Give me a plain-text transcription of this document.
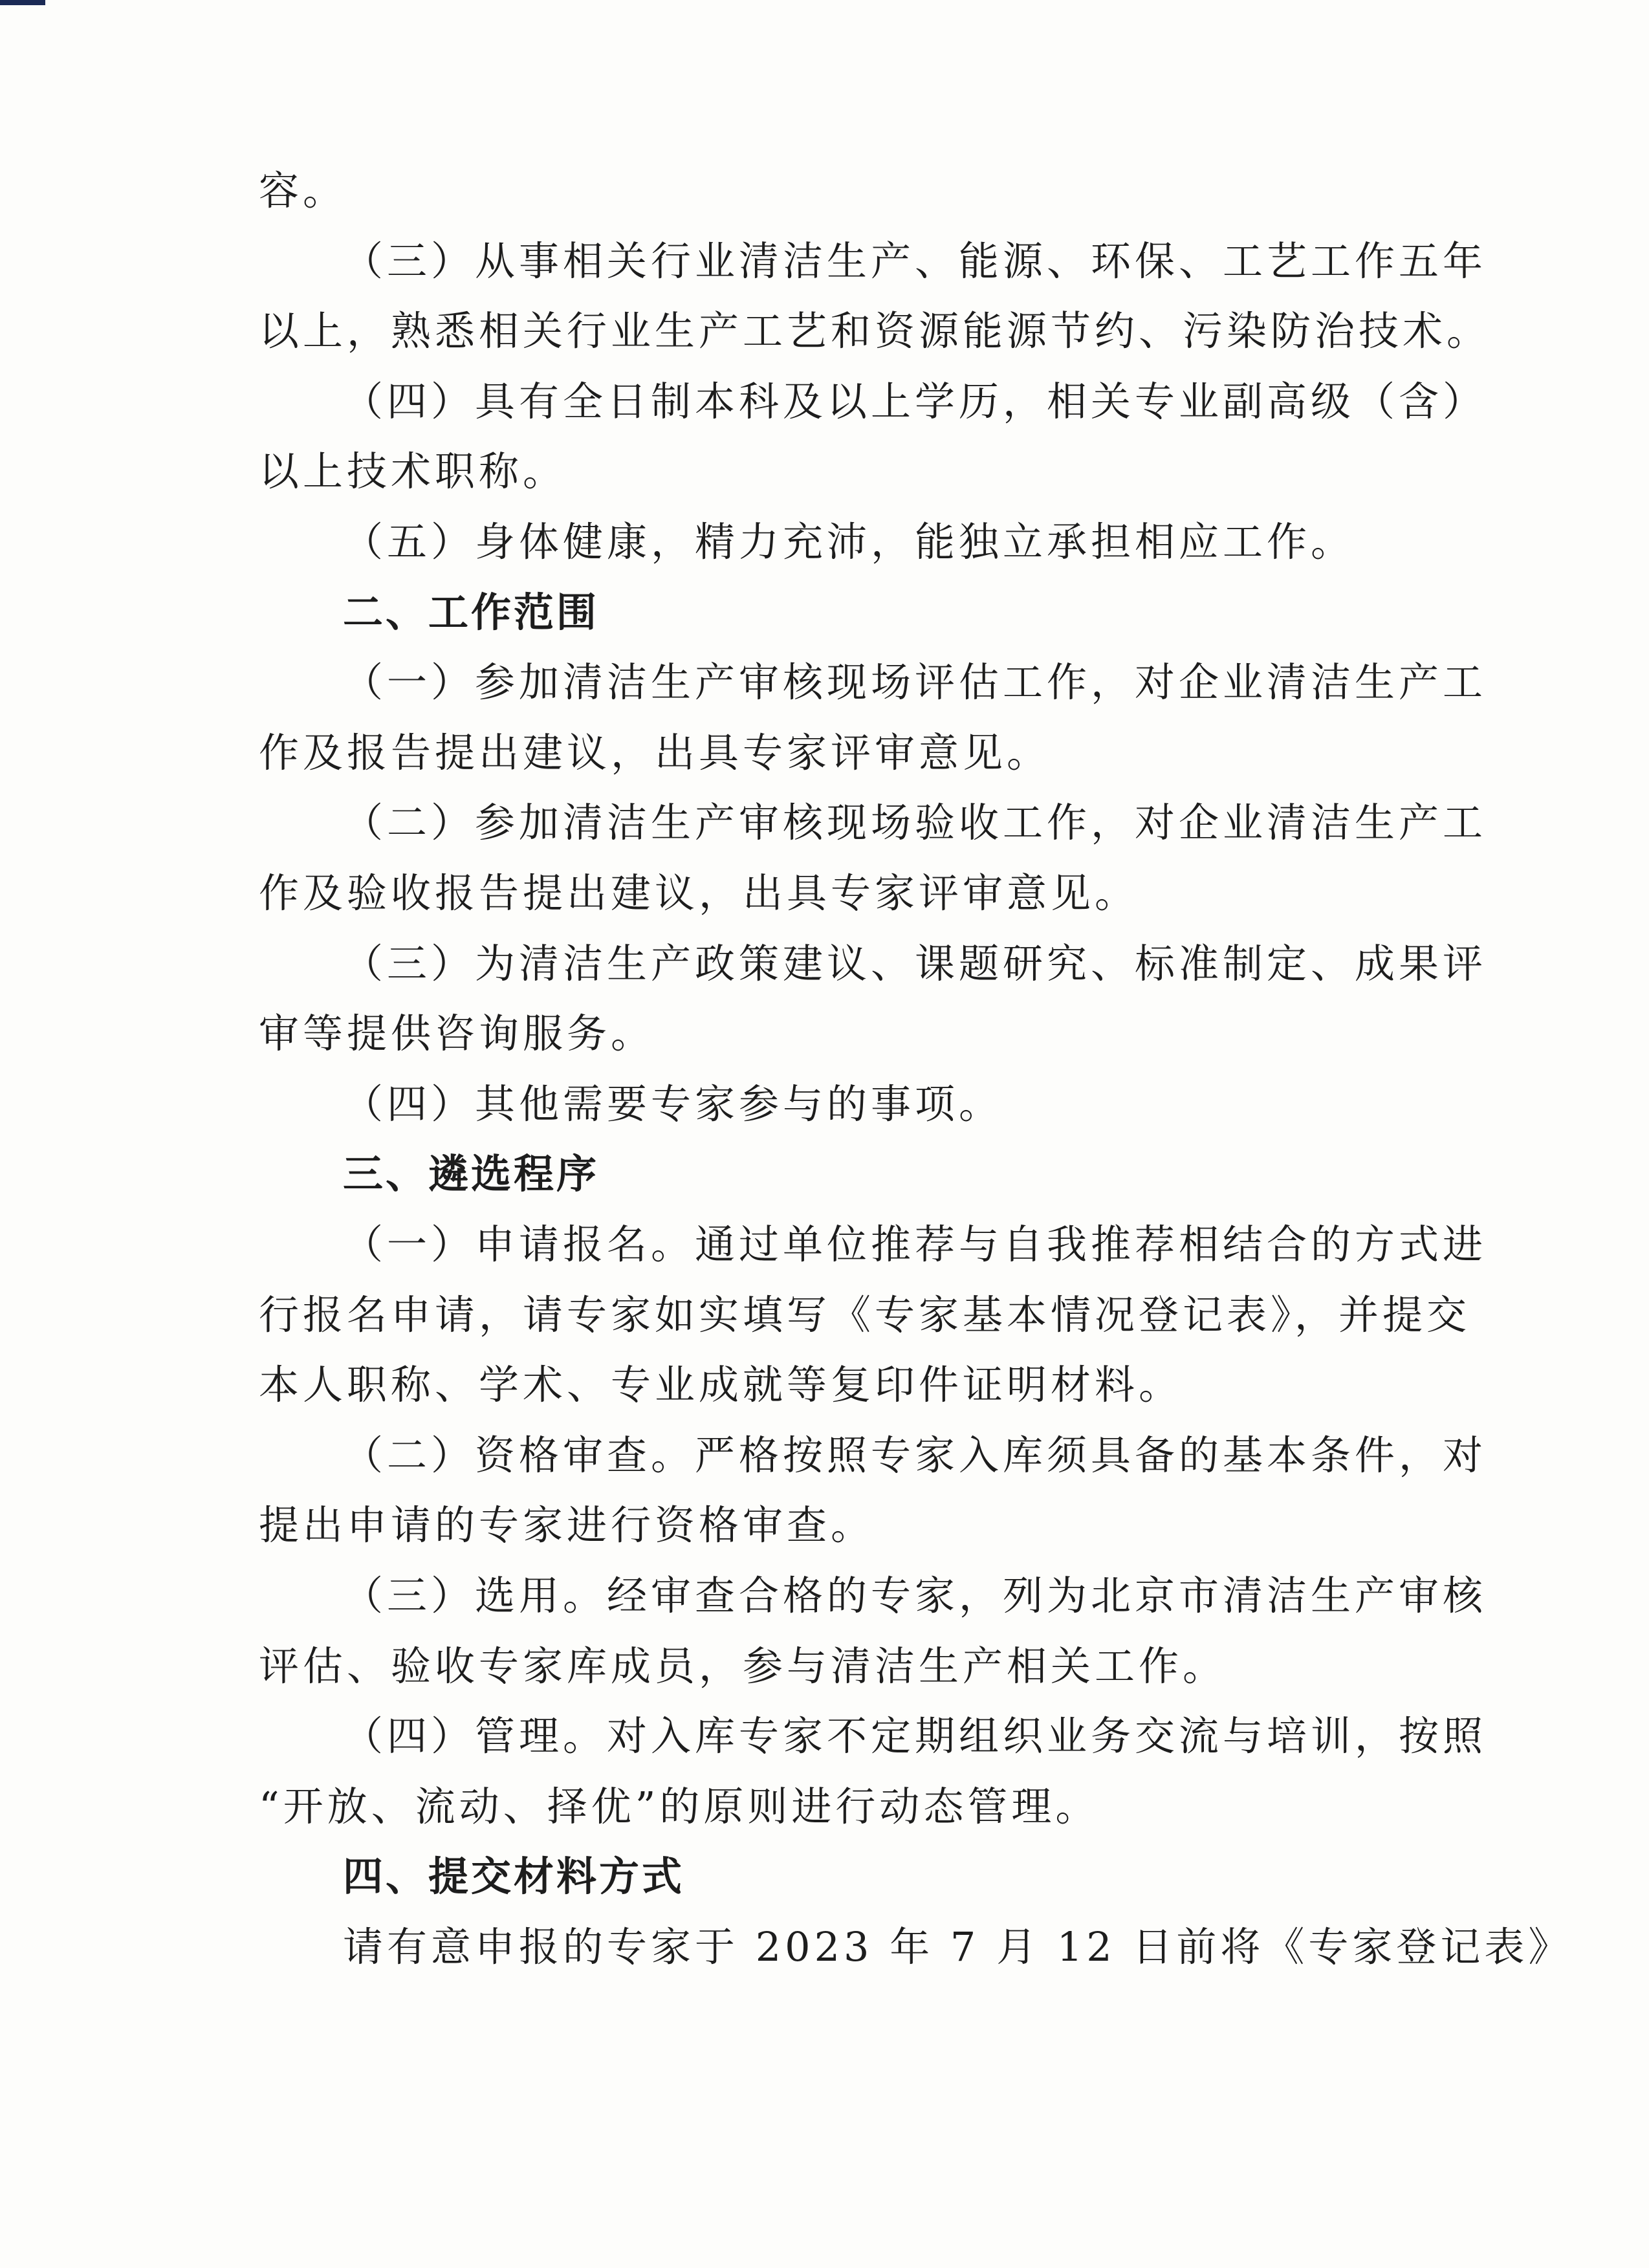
容。
（三）从事相关行业清洁生产、能源、环保、工艺工作五年
以上，熟悉相关行业生产工艺和资源能源节约、污染防治技术。
（四）具有全日制本科及以上学历，相关专业副高级（含）
以上技术职称。
（五）身体健康，精力充沛，能独立承担相应工作。
二、工作范围
（一）参加清洁生产审核现场评估工作，对企业清洁生产工
作及报告提出建议，出具专家评审意见。
（二）参加清洁生产审核现场验收工作，对企业清洁生产工
作及验收报告提出建议，出具专家评审意见。
（三）为清洁生产政策建议、课题研究、标准制定、成果评
审等提供咨询服务。
（四）其他需要专家参与的事项。
三、遴选程序
（一）申请报名。通过单位推荐与自我推荐相结合的方式进
行报名申请，请专家如实填写《专家基本情况登记表》，并提交
本人职称、学术、专业成就等复印件证明材料。
（二）资格审查。严格按照专家入库须具备的基本条件，对
提出申请的专家进行资格审查。
（三）选用。经审查合格的专家，列为北京市清洁生产审核
评估、验收专家库成员，参与清洁生产相关工作。
（四）管理。对入库专家不定期组织业务交流与培训，按照
“开放、流动、择优”的原则进行动态管理。
四、提交材料方式
请有意申报的专家于 2023 年 7 月 12 日前将《专家登记表》
